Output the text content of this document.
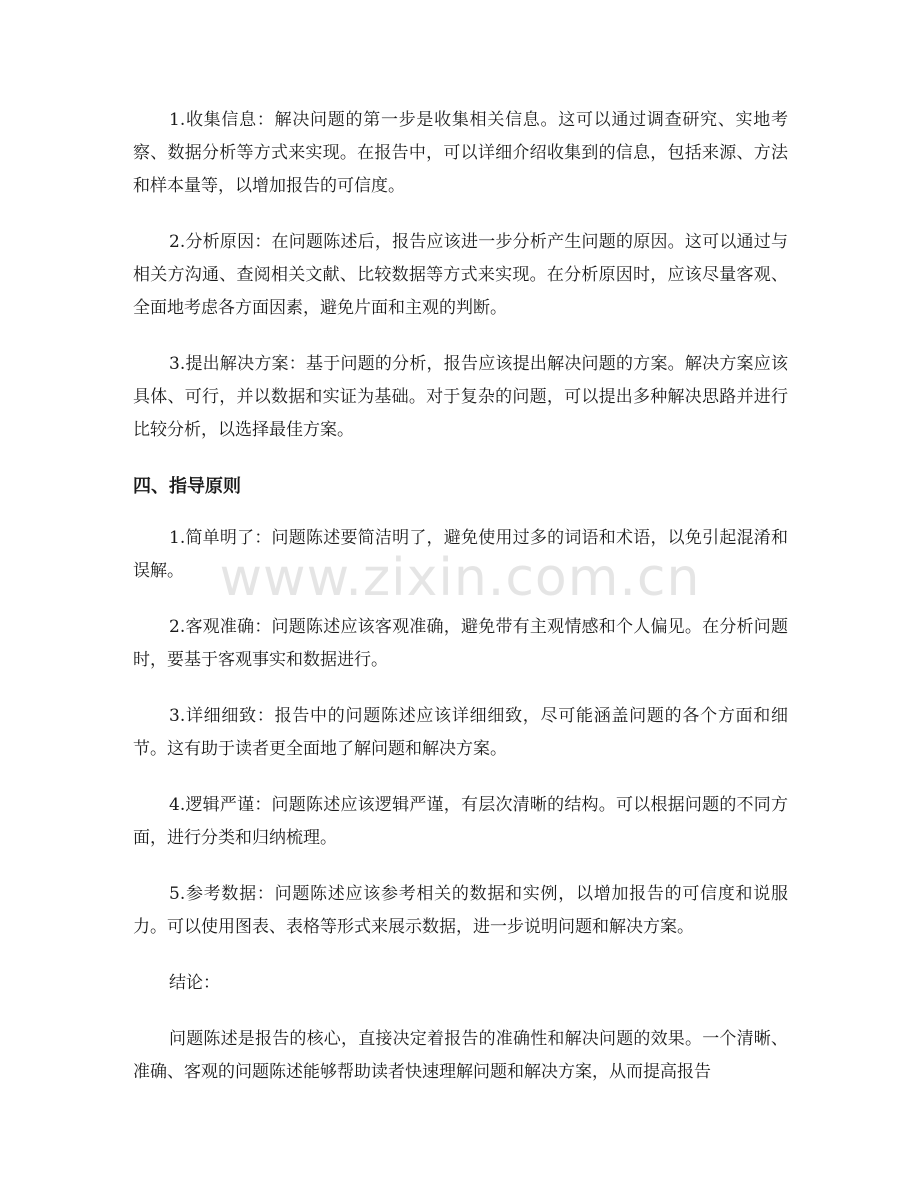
1.收集信息：解决问题的第一步是收集相关信息。这可以通过调查研究、实地考察、数据分析等方式来实现。在报告中，可以详细介绍收集到的信息，包括来源、方法和样本量等，以增加报告的可信度。

2.分析原因：在问题陈述后，报告应该进一步分析产生问题的原因。这可以通过与相关方沟通、查阅相关文献、比较数据等方式来实现。在分析原因时，应该尽量客观、全面地考虑各方面因素，避免片面和主观的判断。

3.提出解决方案：基于问题的分析，报告应该提出解决问题的方案。解决方案应该具体、可行，并以数据和实证为基础。对于复杂的问题，可以提出多种解决思路并进行比较分析，以选择最佳方案。

四、指导原则

1.简单明了：问题陈述要简洁明了，避免使用过多的词语和术语，以免引起混淆和误解。

2.客观准确：问题陈述应该客观准确，避免带有主观情感和个人偏见。在分析问题时，要基于客观事实和数据进行。

3.详细细致：报告中的问题陈述应该详细细致，尽可能涵盖问题的各个方面和细节。这有助于读者更全面地了解问题和解决方案。

4.逻辑严谨：问题陈述应该逻辑严谨，有层次清晰的结构。可以根据问题的不同方面，进行分类和归纳梳理。

5.参考数据：问题陈述应该参考相关的数据和实例，以增加报告的可信度和说服力。可以使用图表、表格等形式来展示数据，进一步说明问题和解决方案。

结论：

问题陈述是报告的核心，直接决定着报告的准确性和解决问题的效果。一个清晰、准确、客观的问题陈述能够帮助读者快速理解问题和解决方案，从而提高报告

www.zixin.com.cn
